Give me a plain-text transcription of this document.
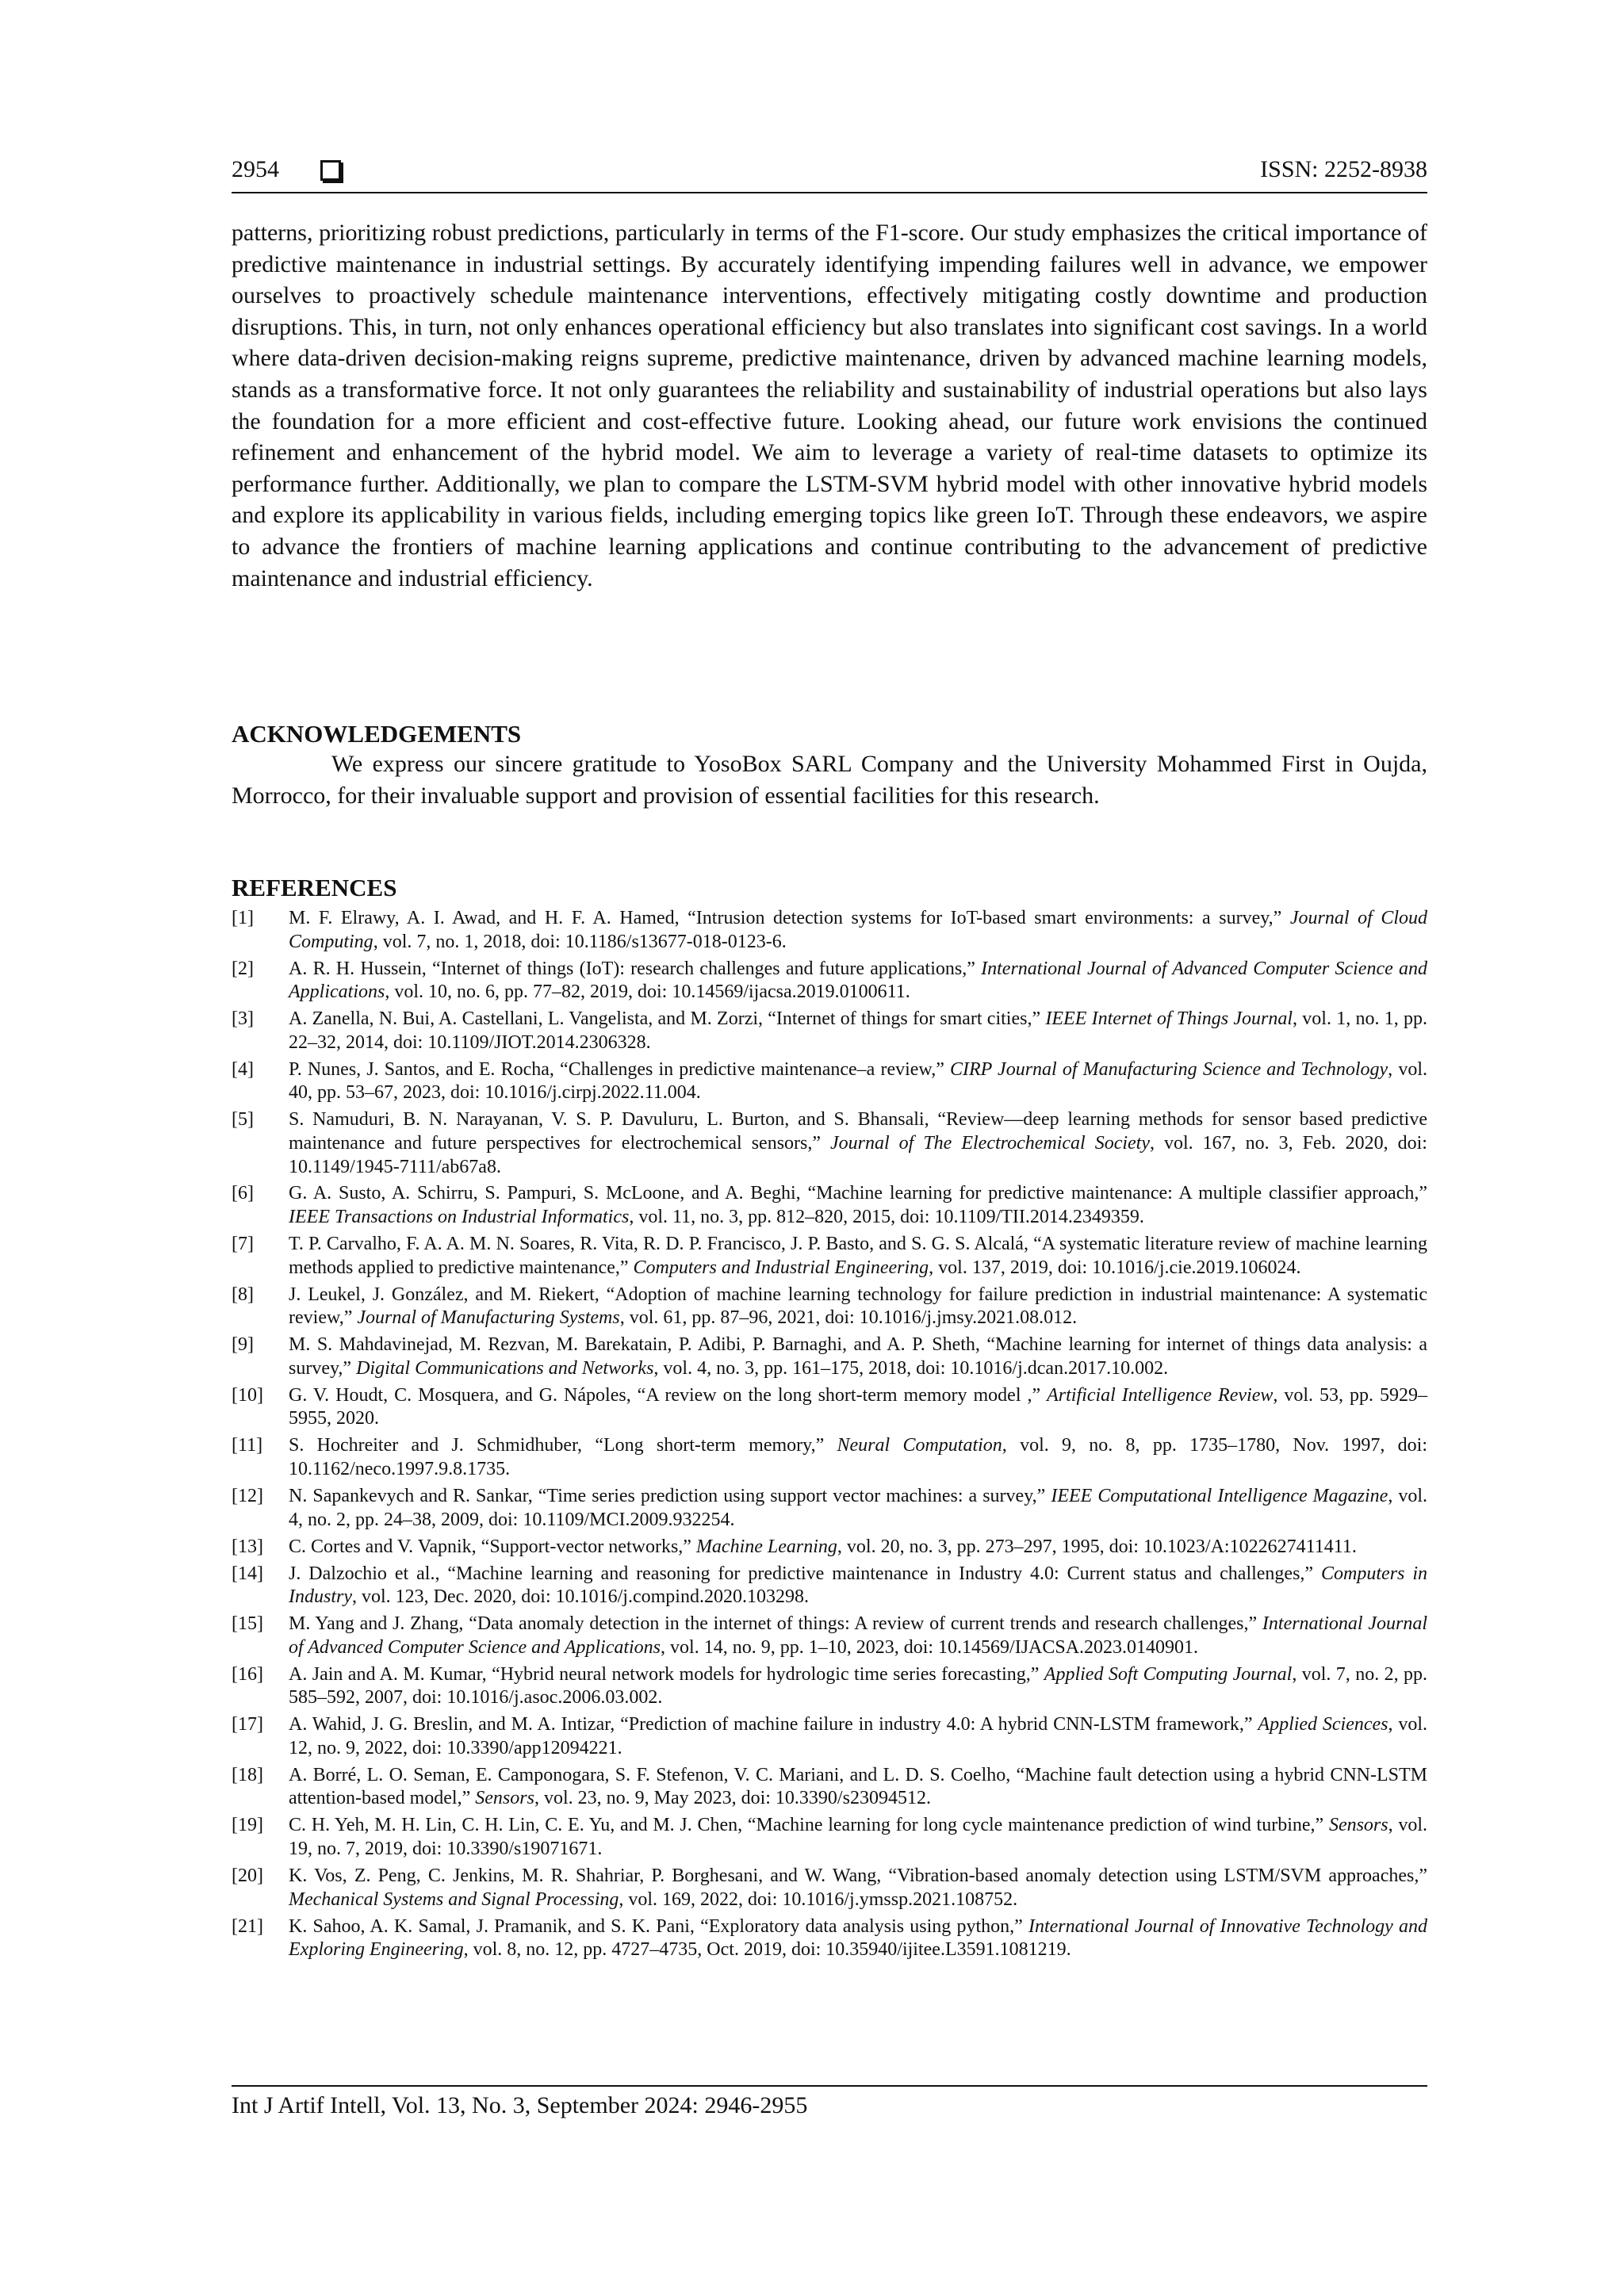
2954	ISSN: 2252-8938

patterns, prioritizing robust predictions, particularly in terms of the F1-score. Our study emphasizes the critical importance of predictive maintenance in industrial settings. By accurately identifying impending failures well in advance, we empower ourselves to proactively schedule maintenance interventions, effectively mitigating costly downtime and production disruptions. This, in turn, not only enhances operational efficiency but also translates into significant cost savings. In a world where data-driven decision-making reigns supreme, predictive maintenance, driven by advanced machine learning models, stands as a transformative force. It not only guarantees the reliability and sustainability of industrial operations but also lays the foundation for a more efficient and cost-effective future. Looking ahead, our future work envisions the continued refinement and enhancement of the hybrid model. We aim to leverage a variety of real-time datasets to optimize its performance further. Additionally, we plan to compare the LSTM-SVM hybrid model with other innovative hybrid models and explore its applicability in various fields, including emerging topics like green IoT. Through these endeavors, we aspire to advance the frontiers of machine learning applications and continue contributing to the advancement of predictive maintenance and industrial efficiency.

ACKNOWLEDGEMENTS

We express our sincere gratitude to YosoBox SARL Company and the University Mohammed First in Oujda, Morrocco, for their invaluable support and provision of essential facilities for this research.

REFERENCES
[1] M. F. Elrawy, A. I. Awad, and H. F. A. Hamed, “Intrusion detection systems for IoT-based smart environments: a survey,” Journal of Cloud Computing, vol. 7, no. 1, 2018, doi: 10.1186/s13677-018-0123-6.
[2] A. R. H. Hussein, “Internet of things (IoT): research challenges and future applications,” International Journal of Advanced Computer Science and Applications, vol. 10, no. 6, pp. 77–82, 2019, doi: 10.14569/ijacsa.2019.0100611.
[3] A. Zanella, N. Bui, A. Castellani, L. Vangelista, and M. Zorzi, “Internet of things for smart cities,” IEEE Internet of Things Journal, vol. 1, no. 1, pp. 22–32, 2014, doi: 10.1109/JIOT.2014.2306328.
[4] P. Nunes, J. Santos, and E. Rocha, “Challenges in predictive maintenance–a review,” CIRP Journal of Manufacturing Science and Technology, vol. 40, pp. 53–67, 2023, doi: 10.1016/j.cirpj.2022.11.004.
[5] S. Namuduri, B. N. Narayanan, V. S. P. Davuluru, L. Burton, and S. Bhansali, “Review—deep learning methods for sensor based predictive maintenance and future perspectives for electrochemical sensors,” Journal of The Electrochemical Society, vol. 167, no. 3, Feb. 2020, doi: 10.1149/1945-7111/ab67a8.
[6] G. A. Susto, A. Schirru, S. Pampuri, S. McLoone, and A. Beghi, “Machine learning for predictive maintenance: A multiple classifier approach,” IEEE Transactions on Industrial Informatics, vol. 11, no. 3, pp. 812–820, 2015, doi: 10.1109/TII.2014.2349359.
[7] T. P. Carvalho, F. A. A. M. N. Soares, R. Vita, R. D. P. Francisco, J. P. Basto, and S. G. S. Alcalá, “A systematic literature review of machine learning methods applied to predictive maintenance,” Computers and Industrial Engineering, vol. 137, 2019, doi: 10.1016/j.cie.2019.106024.
[8] J. Leukel, J. González, and M. Riekert, “Adoption of machine learning technology for failure prediction in industrial maintenance: A systematic review,” Journal of Manufacturing Systems, vol. 61, pp. 87–96, 2021, doi: 10.1016/j.jmsy.2021.08.012.
[9] M. S. Mahdavinejad, M. Rezvan, M. Barekatain, P. Adibi, P. Barnaghi, and A. P. Sheth, “Machine learning for internet of things data analysis: a survey,” Digital Communications and Networks, vol. 4, no. 3, pp. 161–175, 2018, doi: 10.1016/j.dcan.2017.10.002.
[10] G. V. Houdt, C. Mosquera, and G. Nápoles, “A review on the long short-term memory model ,” Artificial Intelligence Review, vol. 53, pp. 5929–5955, 2020.
[11] S. Hochreiter and J. Schmidhuber, “Long short-term memory,” Neural Computation, vol. 9, no. 8, pp. 1735–1780, Nov. 1997, doi: 10.1162/neco.1997.9.8.1735.
[12] N. Sapankevych and R. Sankar, “Time series prediction using support vector machines: a survey,” IEEE Computational Intelligence Magazine, vol. 4, no. 2, pp. 24–38, 2009, doi: 10.1109/MCI.2009.932254.
[13] C. Cortes and V. Vapnik, “Support-vector networks,” Machine Learning, vol. 20, no. 3, pp. 273–297, 1995, doi: 10.1023/A:1022627411411.
[14] J. Dalzochio et al., “Machine learning and reasoning for predictive maintenance in Industry 4.0: Current status and challenges,” Computers in Industry, vol. 123, Dec. 2020, doi: 10.1016/j.compind.2020.103298.
[15] M. Yang and J. Zhang, “Data anomaly detection in the internet of things: A review of current trends and research challenges,” International Journal of Advanced Computer Science and Applications, vol. 14, no. 9, pp. 1–10, 2023, doi: 10.14569/IJACSA.2023.0140901.
[16] A. Jain and A. M. Kumar, “Hybrid neural network models for hydrologic time series forecasting,” Applied Soft Computing Journal, vol. 7, no. 2, pp. 585–592, 2007, doi: 10.1016/j.asoc.2006.03.002.
[17] A. Wahid, J. G. Breslin, and M. A. Intizar, “Prediction of machine failure in industry 4.0: A hybrid CNN-LSTM framework,” Applied Sciences, vol. 12, no. 9, 2022, doi: 10.3390/app12094221.
[18] A. Borré, L. O. Seman, E. Camponogara, S. F. Stefenon, V. C. Mariani, and L. D. S. Coelho, “Machine fault detection using a hybrid CNN-LSTM attention-based model,” Sensors, vol. 23, no. 9, May 2023, doi: 10.3390/s23094512.
[19] C. H. Yeh, M. H. Lin, C. H. Lin, C. E. Yu, and M. J. Chen, “Machine learning for long cycle maintenance prediction of wind turbine,” Sensors, vol. 19, no. 7, 2019, doi: 10.3390/s19071671.
[20] K. Vos, Z. Peng, C. Jenkins, M. R. Shahriar, P. Borghesani, and W. Wang, “Vibration-based anomaly detection using LSTM/SVM approaches,” Mechanical Systems and Signal Processing, vol. 169, 2022, doi: 10.1016/j.ymssp.2021.108752.
[21] K. Sahoo, A. K. Samal, J. Pramanik, and S. K. Pani, “Exploratory data analysis using python,” International Journal of Innovative Technology and Exploring Engineering, vol. 8, no. 12, pp. 4727–4735, Oct. 2019, doi: 10.35940/ijitee.L3591.1081219.
Int J Artif Intell, Vol. 13, No. 3, September 2024: 2946-2955
